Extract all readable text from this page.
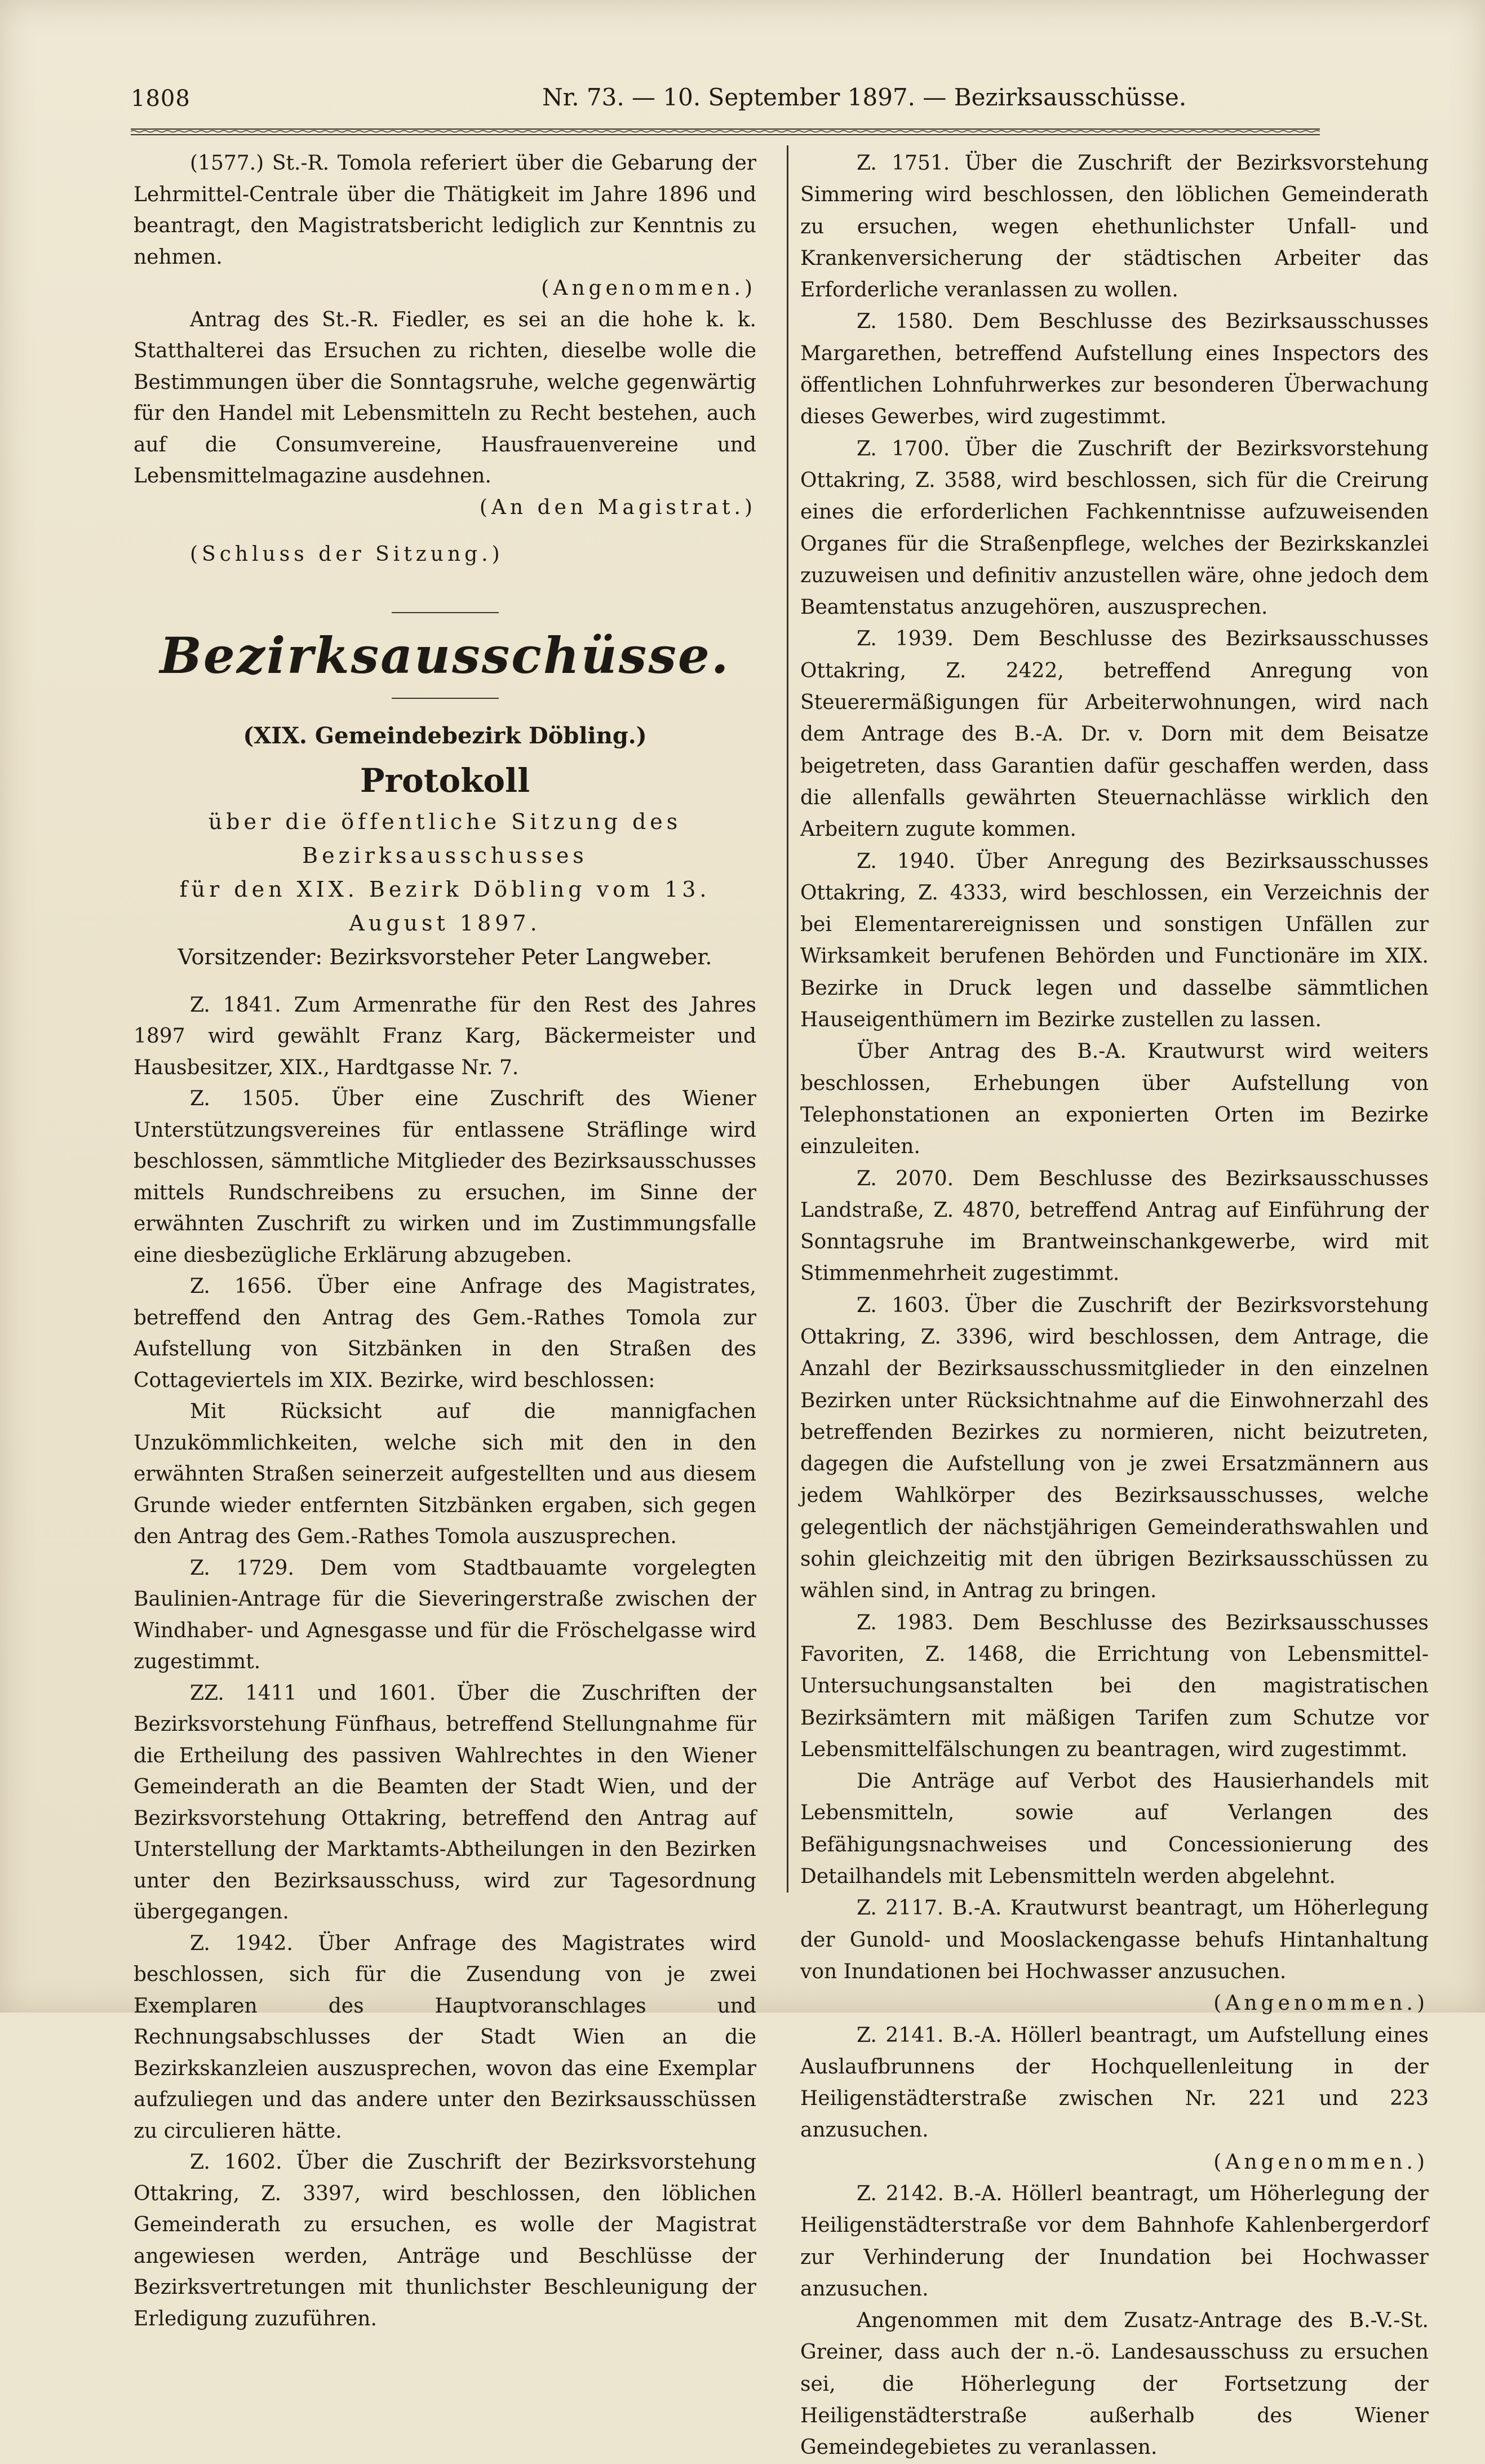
1808	Nr. 73. — 10. September 1897. — Bezirksausschüsse.

(1577.) St.-R. Tomola referiert über die Gebarung der Lehrmittel-Centrale über die Thätigkeit im Jahre 1896 und beantragt, den Magistratsbericht lediglich zur Kenntnis zu nehmen.

(Angenommen.)

Antrag des St.-R. Fiedler, es sei an die hohe k. k. Statthalterei das Ersuchen zu richten, dieselbe wolle die Bestimmungen über die Sonntagsruhe, welche gegenwärtig für den Handel mit Lebensmitteln zu Recht bestehen, auch auf die Consumvereine, Hausfrauenvereine und Lebensmittelmagazine ausdehnen.

(An den Magistrat.)

(Schluss der Sitzung.)

Bezirksausschüsse.
(XIX. Gemeindebezirk Döbling.)
Protokoll
über die öffentliche Sitzung des Bezirksausschusses
für den XIX. Bezirk Döbling vom 13. August 1897.
Vorsitzender: Bezirksvorsteher Peter Langweber.

Z. 1841. Zum Armenrathe für den Rest des Jahres 1897 wird gewählt Franz Karg, Bäckermeister und Hausbesitzer, XIX., Hardtgasse Nr. 7.

Z. 1505. Über eine Zuschrift des Wiener Unterstützungsvereines für entlassene Sträflinge wird beschlossen, sämmtliche Mitglieder des Bezirksausschusses mittels Rundschreibens zu ersuchen, im Sinne der erwähnten Zuschrift zu wirken und im Zustimmungsfalle eine diesbezügliche Erklärung abzugeben.

Z. 1656. Über eine Anfrage des Magistrates, betreffend den Antrag des Gem.-Rathes Tomola zur Aufstellung von Sitzbänken in den Straßen des Cottageviertels im XIX. Bezirke, wird beschlossen:

Mit Rücksicht auf die mannigfachen Unzukömmlichkeiten, welche sich mit den in den erwähnten Straßen seinerzeit aufgestellten und aus diesem Grunde wieder entfernten Sitzbänken ergaben, sich gegen den Antrag des Gem.-Rathes Tomola auszusprechen.

Z. 1729. Dem vom Stadtbauamte vorgelegten Baulinien-Antrage für die Sieveringerstraße zwischen der Windhaber- und Agnesgasse und für die Fröschelgasse wird zugestimmt.

ZZ. 1411 und 1601. Über die Zuschriften der Bezirksvorstehung Fünfhaus, betreffend Stellungnahme für die Ertheilung des passiven Wahlrechtes in den Wiener Gemeinderath an die Beamten der Stadt Wien, und der Bezirksvorstehung Ottakring, betreffend den Antrag auf Unterstellung der Marktamts-Abtheilungen in den Bezirken unter den Bezirksausschuss, wird zur Tagesordnung übergegangen.

Z. 1942. Über Anfrage des Magistrates wird beschlossen, sich für die Zusendung von je zwei Exemplaren des Hauptvoranschlages und Rechnungsabschlusses der Stadt Wien an die Bezirkskanzleien auszusprechen, wovon das eine Exemplar aufzuliegen und das andere unter den Bezirksausschüssen zu circulieren hätte.

Z. 1602. Über die Zuschrift der Bezirksvorstehung Ottakring, Z. 3397, wird beschlossen, den löblichen Gemeinderath zu ersuchen, es wolle der Magistrat angewiesen werden, Anträge und Beschlüsse der Bezirksvertretungen mit thunlichster Beschleunigung der Erledigung zuzuführen.

Z. 1751. Über die Zuschrift der Bezirksvorstehung Simmering wird beschlossen, den löblichen Gemeinderath zu ersuchen, wegen ehethunlichster Unfall- und Krankenversicherung der städtischen Arbeiter das Erforderliche veranlassen zu wollen.

Z. 1580. Dem Beschlusse des Bezirksausschusses Margarethen, betreffend Aufstellung eines Inspectors des öffentlichen Lohnfuhrwerkes zur besonderen Überwachung dieses Gewerbes, wird zugestimmt.

Z. 1700. Über die Zuschrift der Bezirksvorstehung Ottakring, Z. 3588, wird beschlossen, sich für die Creirung eines die erforderlichen Fachkenntnisse aufzuweisenden Organes für die Straßenpflege, welches der Bezirkskanzlei zuzuweisen und definitiv anzustellen wäre, ohne jedoch dem Beamtenstatus anzugehören, auszusprechen.

Z. 1939. Dem Beschlusse des Bezirksausschusses Ottakring, Z. 2422, betreffend Anregung von Steuerermäßigungen für Arbeiterwohnungen, wird nach dem Antrage des B.-A. Dr. v. Dorn mit dem Beisatze beigetreten, dass Garantien dafür geschaffen werden, dass die allenfalls gewährten Steuernachlässe wirklich den Arbeitern zugute kommen.

Z. 1940. Über Anregung des Bezirksausschusses Ottakring, Z. 4333, wird beschlossen, ein Verzeichnis der bei Elementarereignissen und sonstigen Unfällen zur Wirksamkeit berufenen Behörden und Functionäre im XIX. Bezirke in Druck legen und dasselbe sämmtlichen Hauseigenthümern im Bezirke zustellen zu lassen.

Über Antrag des B.-A. Krautwurst wird weiters beschlossen, Erhebungen über Aufstellung von Telephonstationen an exponierten Orten im Bezirke einzuleiten.

Z. 2070. Dem Beschlusse des Bezirksausschusses Landstraße, Z. 4870, betreffend Antrag auf Einführung der Sonntagsruhe im Brantweinschankgewerbe, wird mit Stimmenmehrheit zugestimmt.

Z. 1603. Über die Zuschrift der Bezirksvorstehung Ottakring, Z. 3396, wird beschlossen, dem Antrage, die Anzahl der Bezirksausschussmitglieder in den einzelnen Bezirken unter Rücksichtnahme auf die Einwohnerzahl des betreffenden Bezirkes zu normieren, nicht beizutreten, dagegen die Aufstellung von je zwei Ersatzmännern aus jedem Wahlkörper des Bezirksausschusses, welche gelegentlich der nächstjährigen Gemeinderathswahlen und sohin gleichzeitig mit den übrigen Bezirksausschüssen zu wählen sind, in Antrag zu bringen.

Z. 1983. Dem Beschlusse des Bezirksausschusses Favoriten, Z. 1468, die Errichtung von Lebensmittel-Untersuchungsanstalten bei den magistratischen Bezirksämtern mit mäßigen Tarifen zum Schutze vor Lebensmittelfälschungen zu beantragen, wird zugestimmt.

Die Anträge auf Verbot des Hausierhandels mit Lebensmitteln, sowie auf Verlangen des Befähigungsnachweises und Concessionierung des Detailhandels mit Lebensmitteln werden abgelehnt.

Z. 2117. B.-A. Krautwurst beantragt, um Höherlegung der Gunold- und Mooslackengasse behufs Hintanhaltung von Inundationen bei Hochwasser anzusuchen.

(Angenommen.)

Z. 2141. B.-A. Höllerl beantragt, um Aufstellung eines Auslaufbrunnens der Hochquellenleitung in der Heiligenstädterstraße zwischen Nr. 221 und 223 anzusuchen.

(Angenommen.)

Z. 2142. B.-A. Höllerl beantragt, um Höherlegung der Heiligenstädterstraße vor dem Bahnhofe Kahlenbergerdorf zur Verhinderung der Inundation bei Hochwasser anzusuchen.

Angenommen mit dem Zusatz-Antrage des B.-V.-St. Greiner, dass auch der n.-ö. Landesausschuss zu ersuchen sei, die Höherlegung der Fortsetzung der Heiligenstädterstraße außerhalb des Wiener Gemeindegebietes zu veranlassen.
